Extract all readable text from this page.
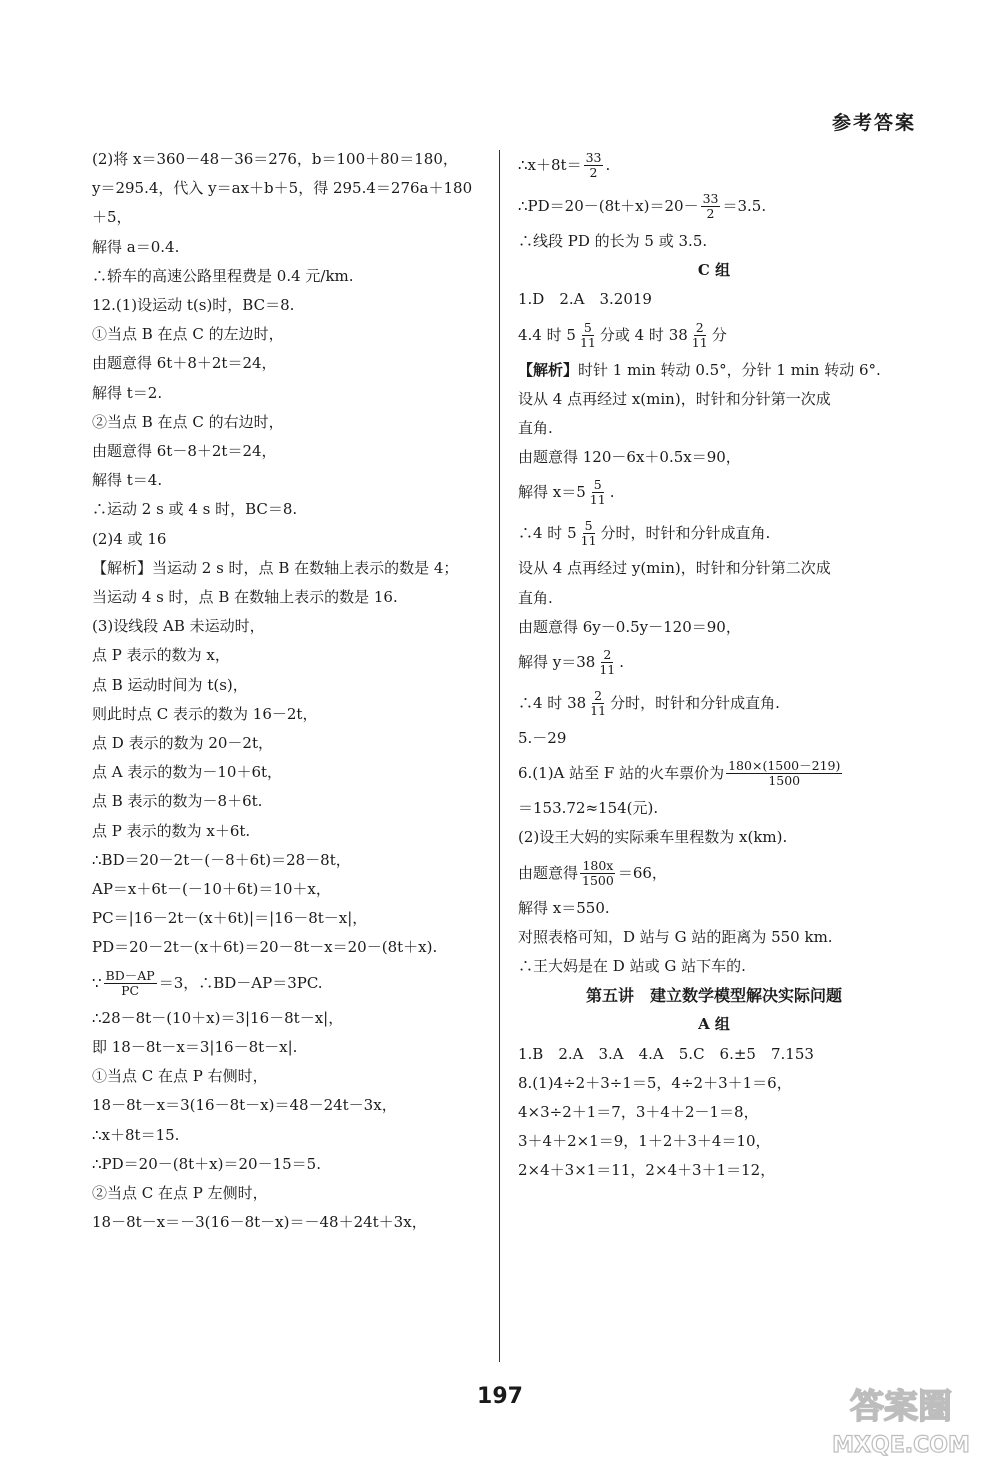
参考答案
(2)将 x＝360－48－36＝276，b＝100＋80＝180，
y＝295.4，代入 y＝ax＋b＋5，得 295.4＝276a＋180
＋5，
解得 a＝0.4.
∴轿车的高速公路里程费是 0.4 元/km.
12.(1)设运动 t(s)时，BC＝8.
①当点 B 在点 C 的左边时，
由题意得 6t＋8＋2t＝24，
解得 t＝2.
②当点 B 在点 C 的右边时，
由题意得 6t－8＋2t＝24，
解得 t＝4.
∴运动 2 s 或 4 s 时，BC＝8.
(2)4 或 16
【解析】当运动 2 s 时，点 B 在数轴上表示的数是 4；
当运动 4 s 时，点 B 在数轴上表示的数是 16.
(3)设线段 AB 未运动时，
点 P 表示的数为 x，
点 B 运动时间为 t(s)，
则此时点 C 表示的数为 16－2t，
点 D 表示的数为 20－2t，
点 A 表示的数为－10＋6t，
点 B 表示的数为－8＋6t.
点 P 表示的数为 x＋6t.
∴BD＝20－2t－(－8＋6t)＝28－8t，
AP＝x＋6t－(－10＋6t)＝10＋x，
PC＝|16－2t－(x＋6t)|＝|16－8t－x|，
PD＝20－2t－(x＋6t)＝20－8t－x＝20－(8t＋x).
∵ $\frac{BD-AP}{PC} =3$，∴BD－AP＝3PC.
∴28－8t－(10＋x)＝3|16－8t－x|，
即 18－8t－x＝3|16－8t－x|.
①当点 C 在点 P 右侧时，
18－8t－x＝3(16－8t－x)＝48－24t－3x，
∴x＋8t＝15.
∴PD＝20－(8t＋x)＝20－15＝5.
②当点 C 在点 P 左侧时，
18－8t－x＝－3(16－8t－x)＝－48＋24t＋3x，
∴x＋8t＝ $\frac{33}{2}$ .
∴PD＝20－(8t＋x)＝20－ $\frac{33}{2} =3.5$.
∴线段 PD 的长为 5 或 3.5.
C 组
1.D　2.A　3.2019
4.4 时 $5 \frac{5}{11}$ 分或 4 时 $38 \frac{2}{11}$ 分
【解析】时针 1 min 转动 0.5°，分针 1 min 转动 6°.
设从 4 点再经过 x(min)，时针和分针第一次成
直角.
由题意得 120－6x＋0.5x＝90，
解得 $x=5 \frac{5}{11}$ .
∴4 时 $5 \frac{5}{11}$ 分时，时针和分针成直角.
设从 4 点再经过 y(min)，时针和分针第二次成
直角.
由题意得 6y－0.5y－120＝90，
解得 $y=38 \frac{2}{11}$ .
∴4 时 $38 \frac{2}{11}$ 分时，时针和分针成直角.
5.－29
6.(1)A 站至 F 站的火车票价为 $\frac{180\times(1500-219)}{1500}$
＝153.72≈154(元).
(2)设王大妈的实际乘车里程数为 x(km).
由题意得 $\frac{180x}{1500} =66$，
解得 x＝550.
对照表格可知，D 站与 G 站的距离为 550 km.
∴王大妈是在 D 站或 G 站下车的.
第五讲　建立数学模型解决实际问题
A 组
1.B　2.A　3.A　4.A　5.C　6.±5　7.153
8.(1)4÷2＋3÷1＝5，4÷2＋3＋1＝6，
4×3÷2＋1＝7，3＋4＋2－1＝8，
3＋4＋2×1＝9，1＋2＋3＋4＝10，
2×4＋3×1＝11，2×4＋3＋1＝12，
197	答案圈
MXQE.COM
